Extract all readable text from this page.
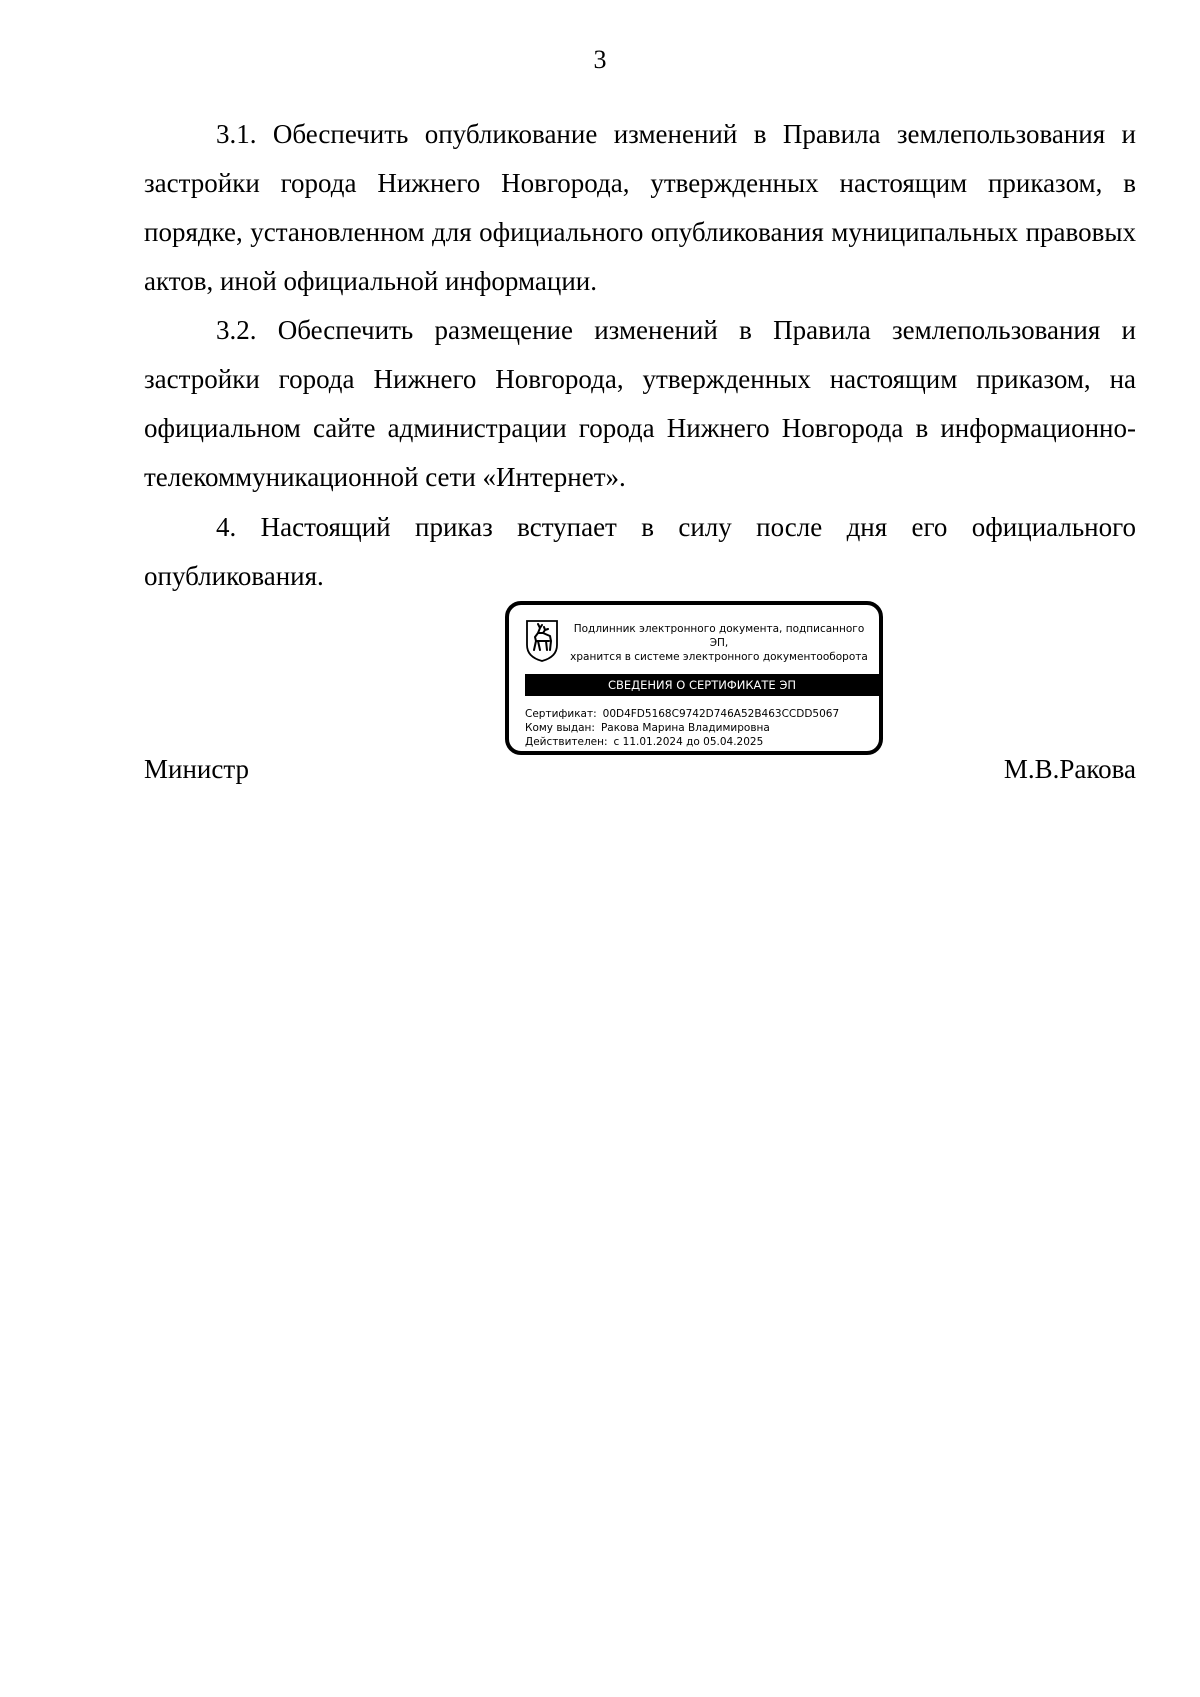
3
3.1. Обеспечить опубликование изменений в Правила землепользования и застройки города Нижнего Новгорода, утвержденных настоящим приказом, в порядке, установленном для официального опубликования муниципальных правовых актов, иной официальной информации.
3.2. Обеспечить размещение изменений в Правила землепользования и застройки города Нижнего Новгорода, утвержденных настоящим приказом, на официальном сайте администрации города Нижнего Новгорода в информационно-телекоммуникационной сети «Интернет».
4. Настоящий приказ вступает в силу после дня его официального опубликования.
Подлинник электронного документа, подписанного ЭП,
хранится в системе электронного документооборота
СВЕДЕНИЯ О СЕРТИФИКАТЕ ЭП
Сертификат: 00D4FD5168C9742D746A52B463CCDD5067
Кому выдан: Ракова Марина Владимировна
Действителен: с 11.01.2024 до 05.04.2025
Министр	М.В.Ракова
